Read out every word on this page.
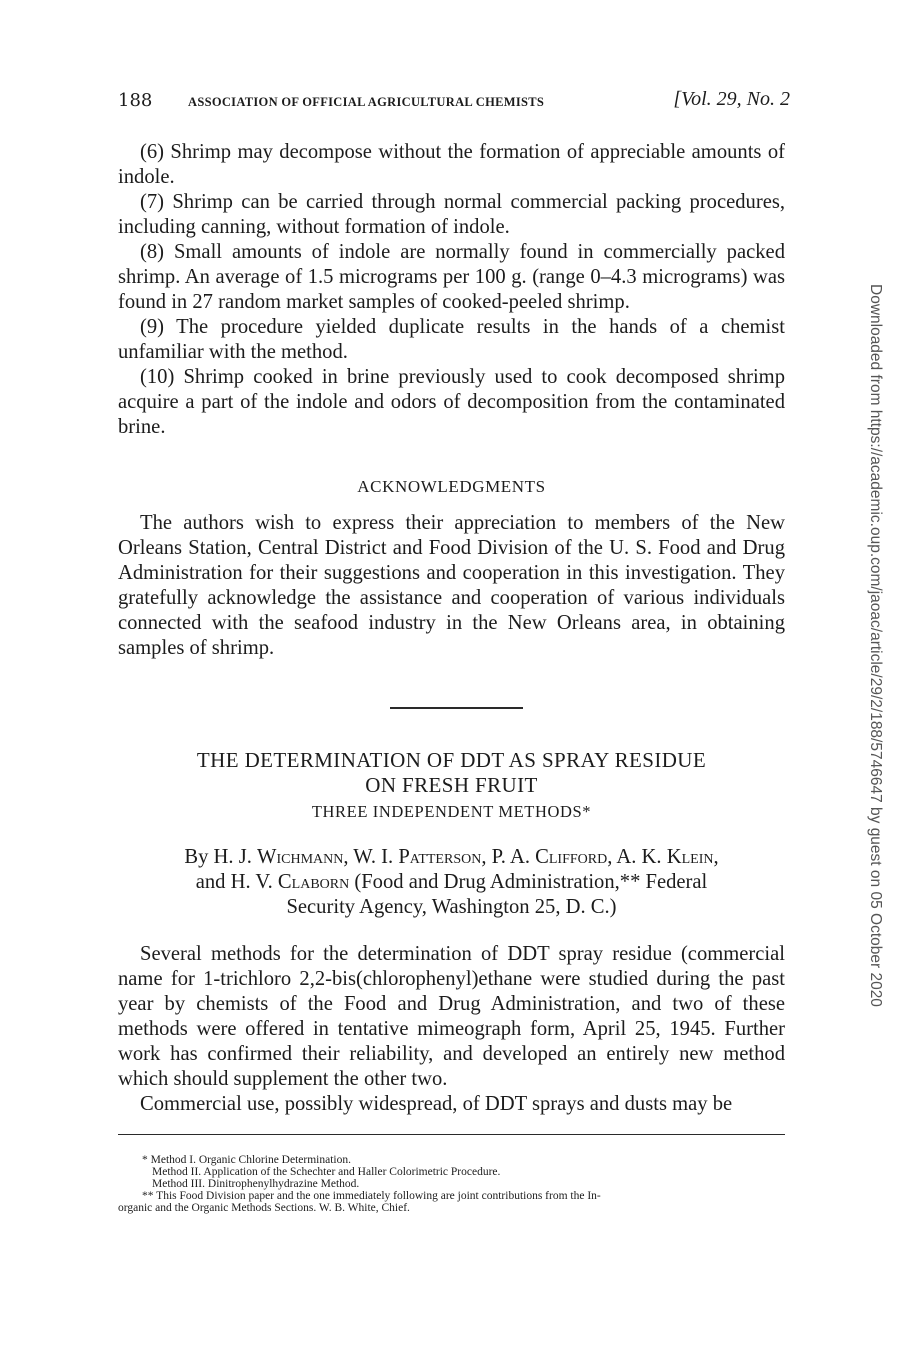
188	ASSOCIATION OF OFFICIAL AGRICULTURAL CHEMISTS	[Vol. 29, No. 2

(6) Shrimp may decompose without the formation of appreciable amounts of indole.

(7) Shrimp can be carried through normal commercial packing procedures, including canning, without formation of indole.

(8) Small amounts of indole are normally found in commercially packed shrimp. An average of 1.5 micrograms per 100 g. (range 0–4.3 micrograms) was found in 27 random market samples of cooked-peeled shrimp.

(9) The procedure yielded duplicate results in the hands of a chemist unfamiliar with the method.

(10) Shrimp cooked in brine previously used to cook decomposed shrimp acquire a part of the indole and odors of decomposition from the contaminated brine.

ACKNOWLEDGMENTS

The authors wish to express their appreciation to members of the New Orleans Station, Central District and Food Division of the U. S. Food and Drug Administration for their suggestions and cooperation in this investigation. They gratefully acknowledge the assistance and cooperation of various individuals connected with the seafood industry in the New Orleans area, in obtaining samples of shrimp.

THE DETERMINATION OF DDT AS SPRAY RESIDUE
ON FRESH FRUIT
THREE INDEPENDENT METHODS*
By H. J. Wichmann, W. I. Patterson, P. A. Clifford, A. K. Klein,
and H. V. Claborn (Food and Drug Administration,** Federal
Security Agency, Washington 25, D. C.)

Several methods for the determination of DDT spray residue (commercial name for 1-trichloro 2,2-bis(chlorophenyl)ethane were studied during the past year by chemists of the Food and Drug Administration, and two of these methods were offered in tentative mimeograph form, April 25, 1945. Further work has confirmed their reliability, and developed an entirely new method which should supplement the other two.

Commercial use, possibly widespread, of DDT sprays and dusts may be

* Method I. Organic Chlorine Determination.
Method II. Application of the Schechter and Haller Colorimetric Procedure.
Method III. Dinitrophenylhydrazine Method.
** This Food Division paper and the one immediately following are joint contributions from the In-
organic and the Organic Methods Sections. W. B. White, Chief.
Downloaded from https://academic.oup.com/jaoac/article/29/2/188/5746647 by guest on 05 October 2020
